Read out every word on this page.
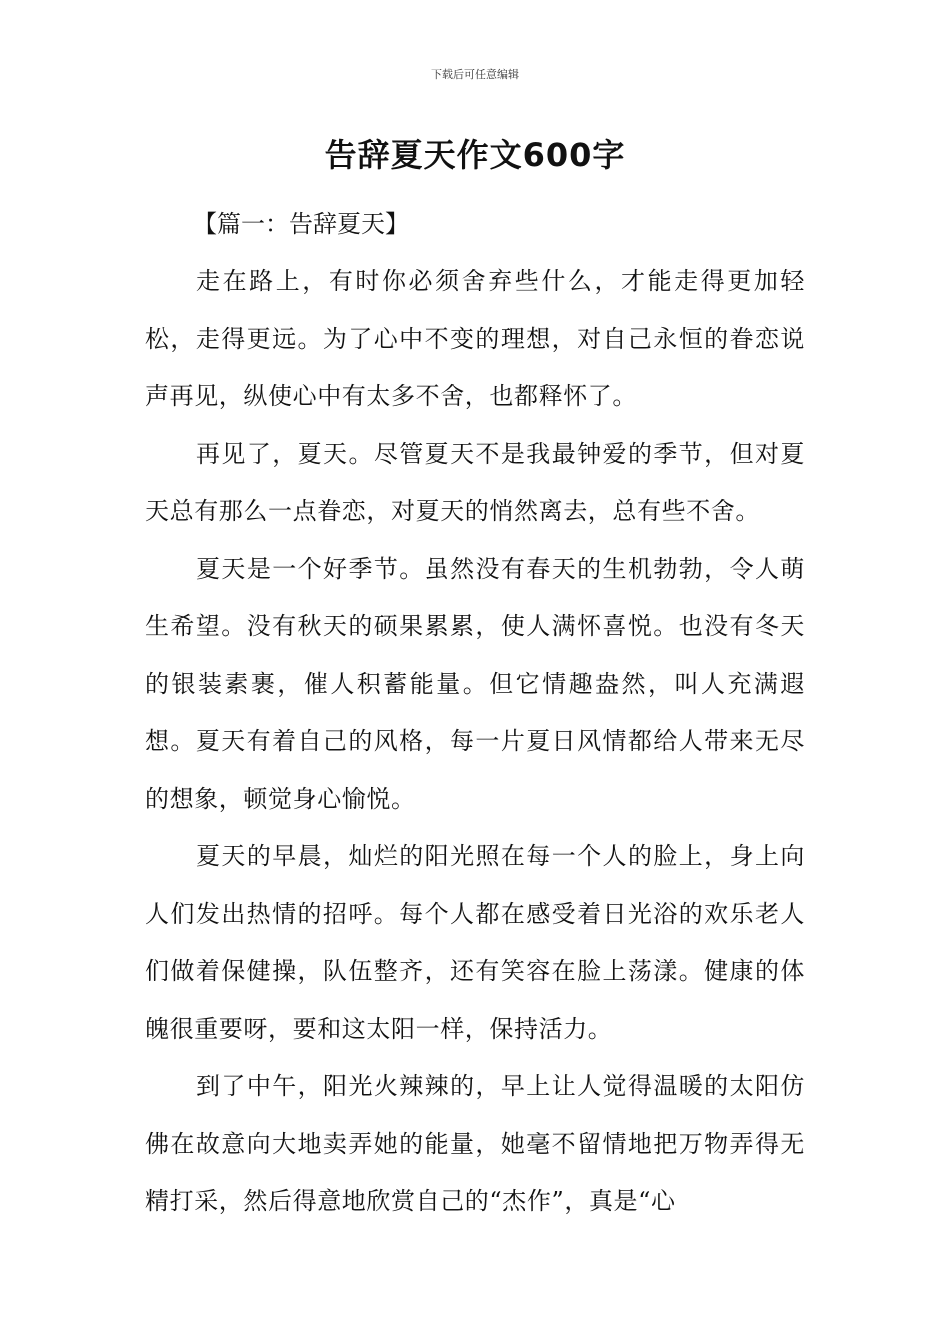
下载后可任意编辑
告辞夏天作文600字

【篇一：告辞夏天】

走在路上，有时你必须舍弃些什么，才能走得更加轻松，走得更远。为了心中不变的理想，对自己永恒的眷恋说声再见，纵使心中有太多不舍，也都释怀了。

再见了，夏天。尽管夏天不是我最钟爱的季节，但对夏天总有那么一点眷恋，对夏天的悄然离去，总有些不舍。

夏天是一个好季节。虽然没有春天的生机勃勃，令人萌生希望。没有秋天的硕果累累，使人满怀喜悦。也没有冬天的银装素裹，催人积蓄能量。但它情趣盎然，叫人充满遐想。夏天有着自己的风格，每一片夏日风情都给人带来无尽的想象，顿觉身心愉悦。

夏天的早晨，灿烂的阳光照在每一个人的脸上，身上向人们发出热情的招呼。每个人都在感受着日光浴的欢乐老人们做着保健操，队伍整齐，还有笑容在脸上荡漾。健康的体魄很重要呀，要和这太阳一样，保持活力。

到了中午，阳光火辣辣的，早上让人觉得温暖的太阳仿佛在故意向大地卖弄她的能量，她毫不留情地把万物弄得无精打采，然后得意地欣赏自己的“杰作”，真是“心
